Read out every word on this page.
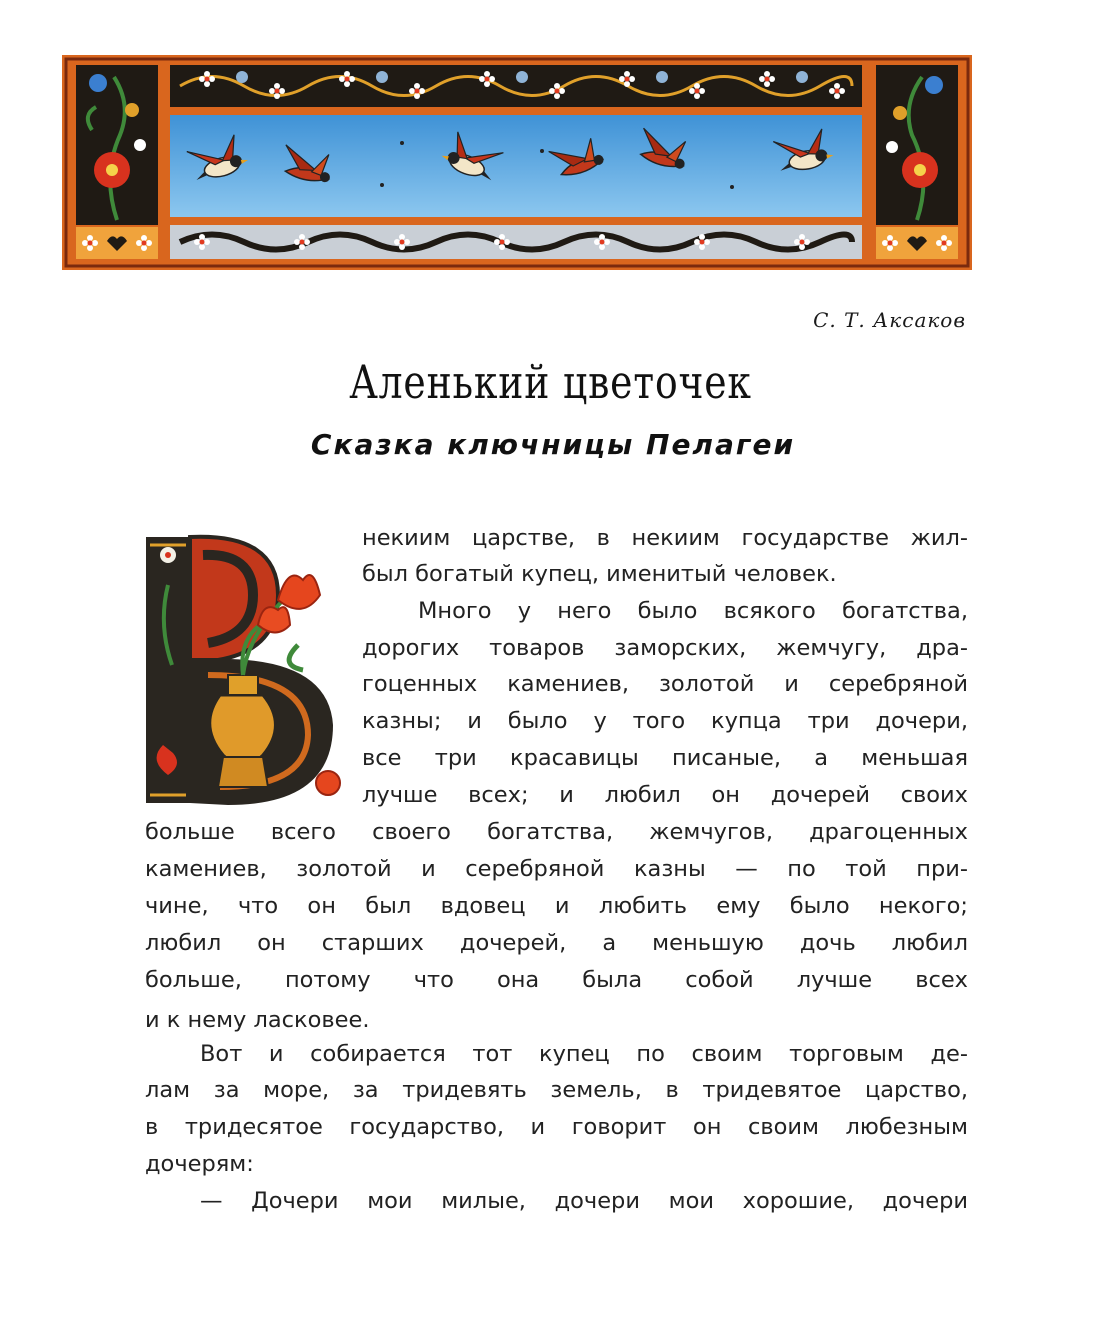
С. Т. Аксаков
Аленький цветочек
Сказка ключницы Пелагеи
В
некиим царстве, в некиим государстве жил-
был богатый купец, именитый человек.
Много у него было всякого богатства,
дорогих товаров заморских, жемчугу, дра-
гоценных камениев, золотой и серебряной
казны; и было у того купца три дочери,
все три красавицы писаные, а меньшая
лучше всех; и любил он дочерей своих
больше всего своего богатства, жемчугов, драгоценных
камениев, золотой и серебряной казны — по той при-
чине, что он был вдовец и любить ему было некого;
любил он старших дочерей, а меньшую дочь любил
больше, потому что она была собой лучше всех
и к нему ласковее.
Вот и собирается тот купец по своим торговым де-
лам за море, за тридевять земель, в тридевятое царство,
в тридесятое государство, и говорит он своим любезным
дочерям:
— Дочери мои милые, дочери мои хорошие, дочери
